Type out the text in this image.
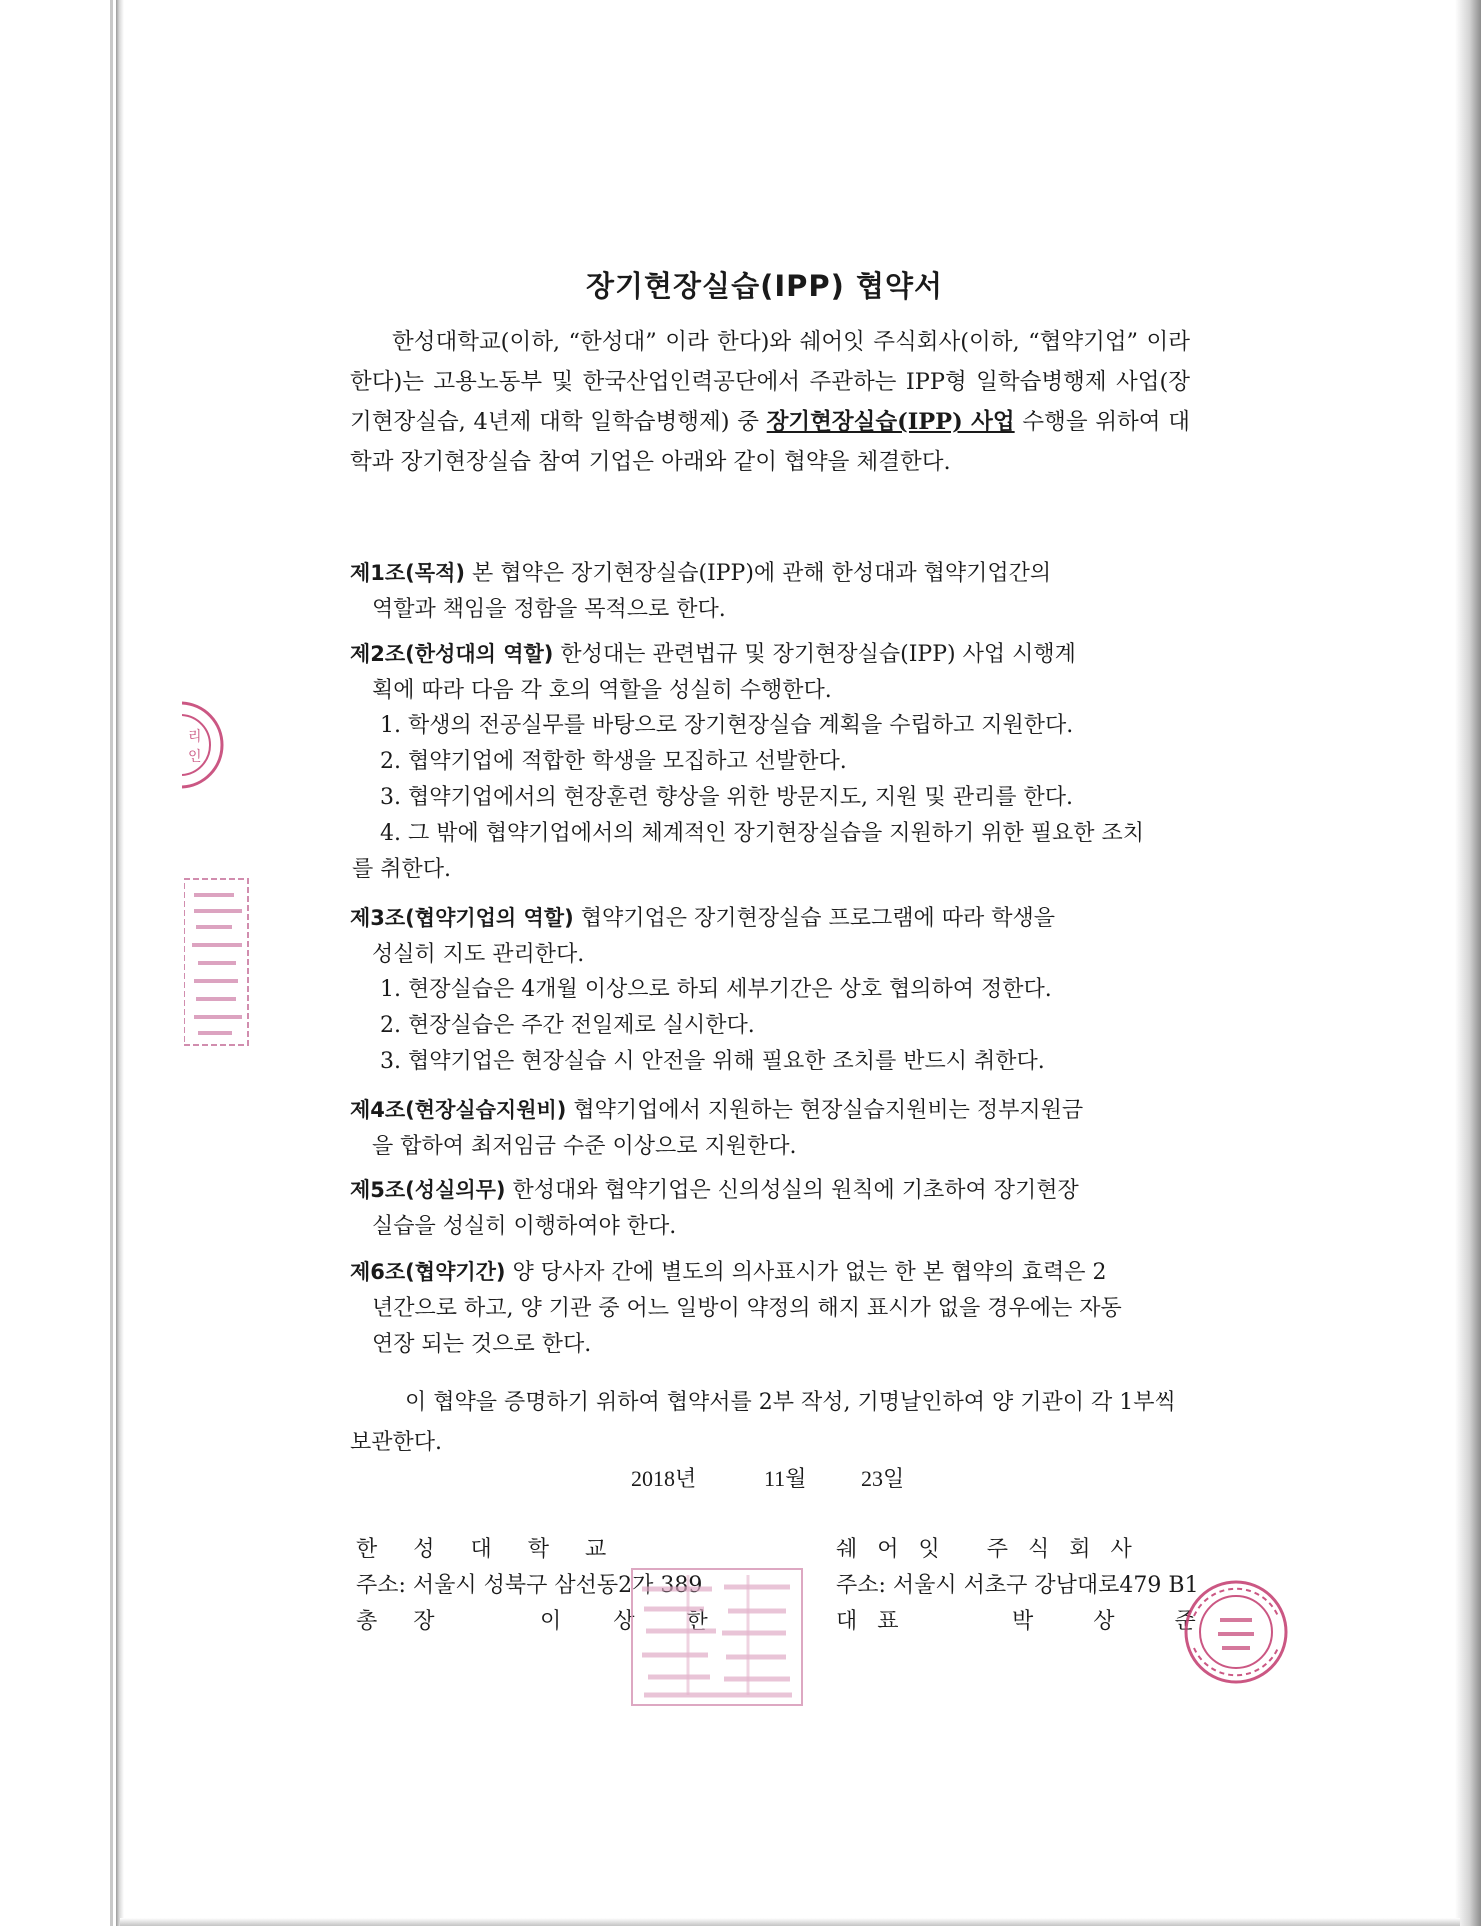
리
인
장기현장실습(IPP) 협약서
한성대학교(이하, “한성대” 이라 한다)와 쉐어잇 주식회사(이하, “협약기업” 이라 한다)는 고용노동부 및 한국산업인력공단에서 주관하는 IPP형 일학습병행제 사업(장기현장실습, 4년제 대학 일학습병행제) 중 장기현장실습(IPP) 사업 수행을 위하여 대학과 장기현장실습 참여 기업은 아래와 같이 협약을 체결한다.
제1조(목적) 본 협약은 장기현장실습(IPP)에 관해 한성대과 협약기업간의
역할과 책임을 정함을 목적으로 한다.
제2조(한성대의 역할) 한성대는 관련법규 및 장기현장실습(IPP) 사업 시행계
획에 따라 다음 각 호의 역할을 성실히 수행한다.
1. 학생의 전공실무를 바탕으로 장기현장실습 계획을 수립하고 지원한다.
2. 협약기업에 적합한 학생을 모집하고 선발한다.
3. 협약기업에서의 현장훈련 향상을 위한 방문지도, 지원 및 관리를 한다.
4. 그 밖에 협약기업에서의 체계적인 장기현장실습을 지원하기 위한 필요한 조치
를 취한다.
제3조(협약기업의 역할) 협약기업은 장기현장실습 프로그램에 따라 학생을
성실히 지도 관리한다.
1. 현장실습은 4개월 이상으로 하되 세부기간은 상호 협의하여 정한다.
2. 현장실습은 주간 전일제로 실시한다.
3. 협약기업은 현장실습 시 안전을 위해 필요한 조치를 반드시 취한다.
제4조(현장실습지원비) 협약기업에서 지원하는 현장실습지원비는 정부지원금
을 합하여 최저임금 수준 이상으로 지원한다.
제5조(성실의무) 한성대와 협약기업은 신의성실의 원칙에 기초하여 장기현장
실습을 성실히 이행하여야 한다.
제6조(협약기간) 양 당사자 간에 별도의 의사표시가 없는 한 본 협약의 효력은 2
년간으로 하고, 양 기관 중 어느 일방이 약정의 해지 표시가 없을 경우에는 자동
연장 되는 것으로 한다.
이 협약을 증명하기 위하여 협약서를 2부 작성, 기명날인하여 양 기관이 각 1부씩 보관한다.
2018년	11월 23일
한성대학교
주소: 서울시 성북구 삼선동2가 389
총장	이상한
쉐어잇 주식회사
주소: 서울시 서초구 강남대로479 B1
대표	박상준
